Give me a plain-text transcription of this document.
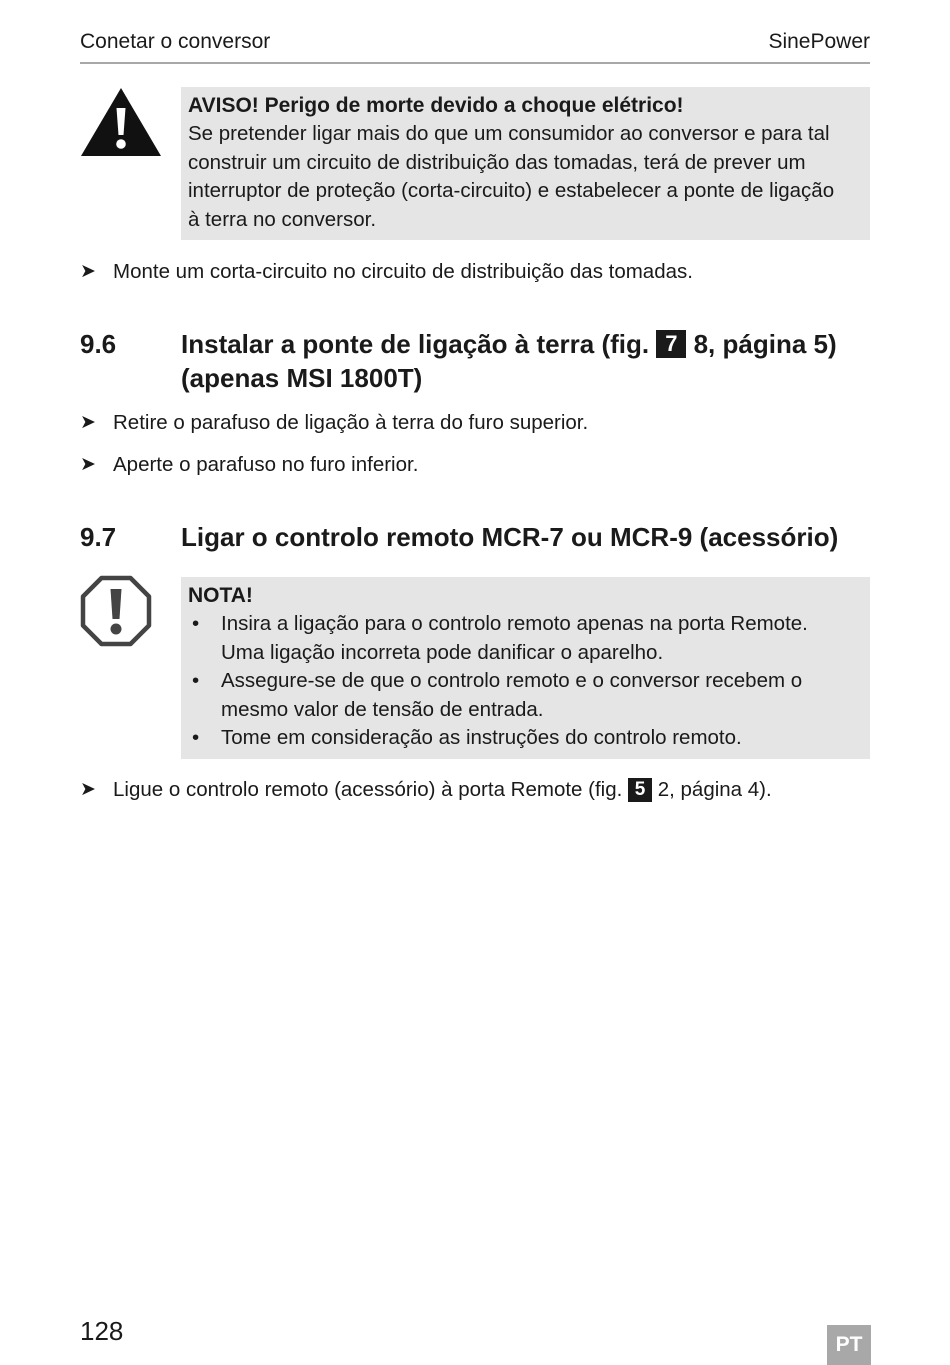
Conetar o conversor	SinePower
AVISO! Perigo de morte devido a choque elétrico!
Se pretender ligar mais do que um consumidor ao conversor e para tal
construir um circuito de distribuição das tomadas, terá de prever um
interruptor de proteção (corta-circuito) e estabelecer a ponte de ligação
à terra no conversor.
➤ Monte um corta-circuito no circuito de distribuição das tomadas.
9.6 Instalar a ponte de ligação à terra (fig. 7 8, página 5)
(apenas MSI 1800T)
➤ Retire o parafuso de ligação à terra do furo superior.
➤ Aperte o parafuso no furo inferior.
9.7 Ligar o controlo remoto MCR-7 ou MCR-9 (acessório)
NOTA!
• Insira a ligação para o controlo remoto apenas na porta Remote.
Uma ligação incorreta pode danificar o aparelho.
• Assegure-se de que o controlo remoto e o conversor recebem o
mesmo valor de tensão de entrada.
• Tome em consideração as instruções do controlo remoto.
➤ Ligue o controlo remoto (acessório) à porta Remote (fig. 5 2, página 4).
128	PT
